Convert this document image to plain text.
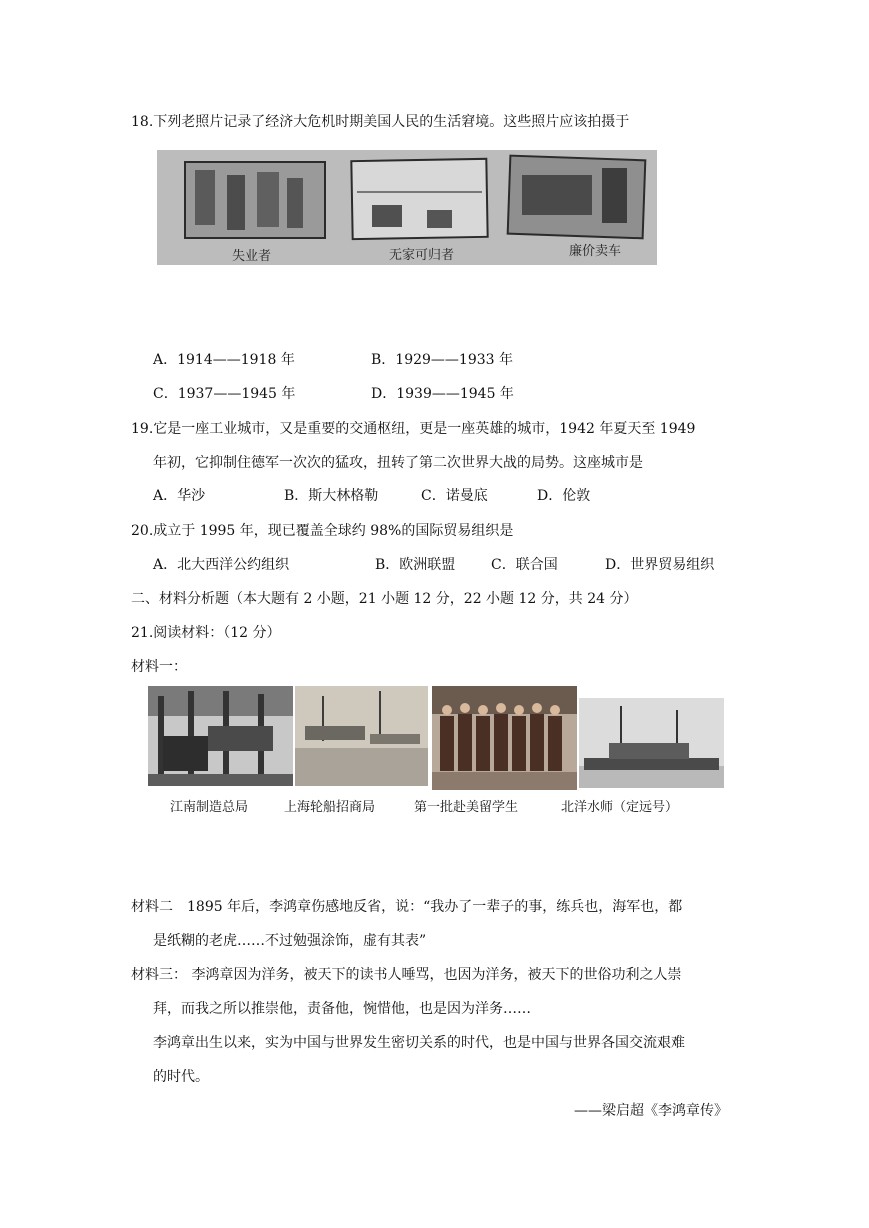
18.下列老照片记录了经济大危机时期美国人民的生活窘境。这些照片应该拍摄于
失业者	无家可归者	廉价卖车
A．1914——1918 年	B．1929——1933 年
C．1937——1945 年	D．1939——1945 年
19.它是一座工业城市，又是重要的交通枢纽，更是一座英雄的城市，1942 年夏天至 1949
年初，它抑制住德军一次次的猛攻，扭转了第二次世界大战的局势。这座城市是
A．华沙	B．斯大林格勒	C．诺曼底	D．伦敦
20.成立于 1995 年，现已覆盖全球约 98%的国际贸易组织是
A．北大西洋公约组织	B．欧洲联盟	C．联合国	D．世界贸易组织
二、材料分析题（本大题有 2 小题，21 小题 12 分，22 小题 12 分，共 24 分）
21.阅读材料：（12 分）
材料一：
江南制造总局	上海轮船招商局	第一批赴美留学生	北洋水师（定远号）
材料二　1895 年后，李鸿章伤感地反省，说：“我办了一辈子的事，练兵也，海军也，都
是纸糊的老虎……不过勉强涂饰，虚有其表”
材料三： 李鸿章因为洋务，被天下的读书人唾骂，也因为洋务，被天下的世俗功利之人崇
拜，而我之所以推崇他，责备他，惋惜他，也是因为洋务……
李鸿章出生以来，实为中国与世界发生密切关系的时代，也是中国与世界各国交流艰难
的时代。
——梁启超《李鸿章传》
